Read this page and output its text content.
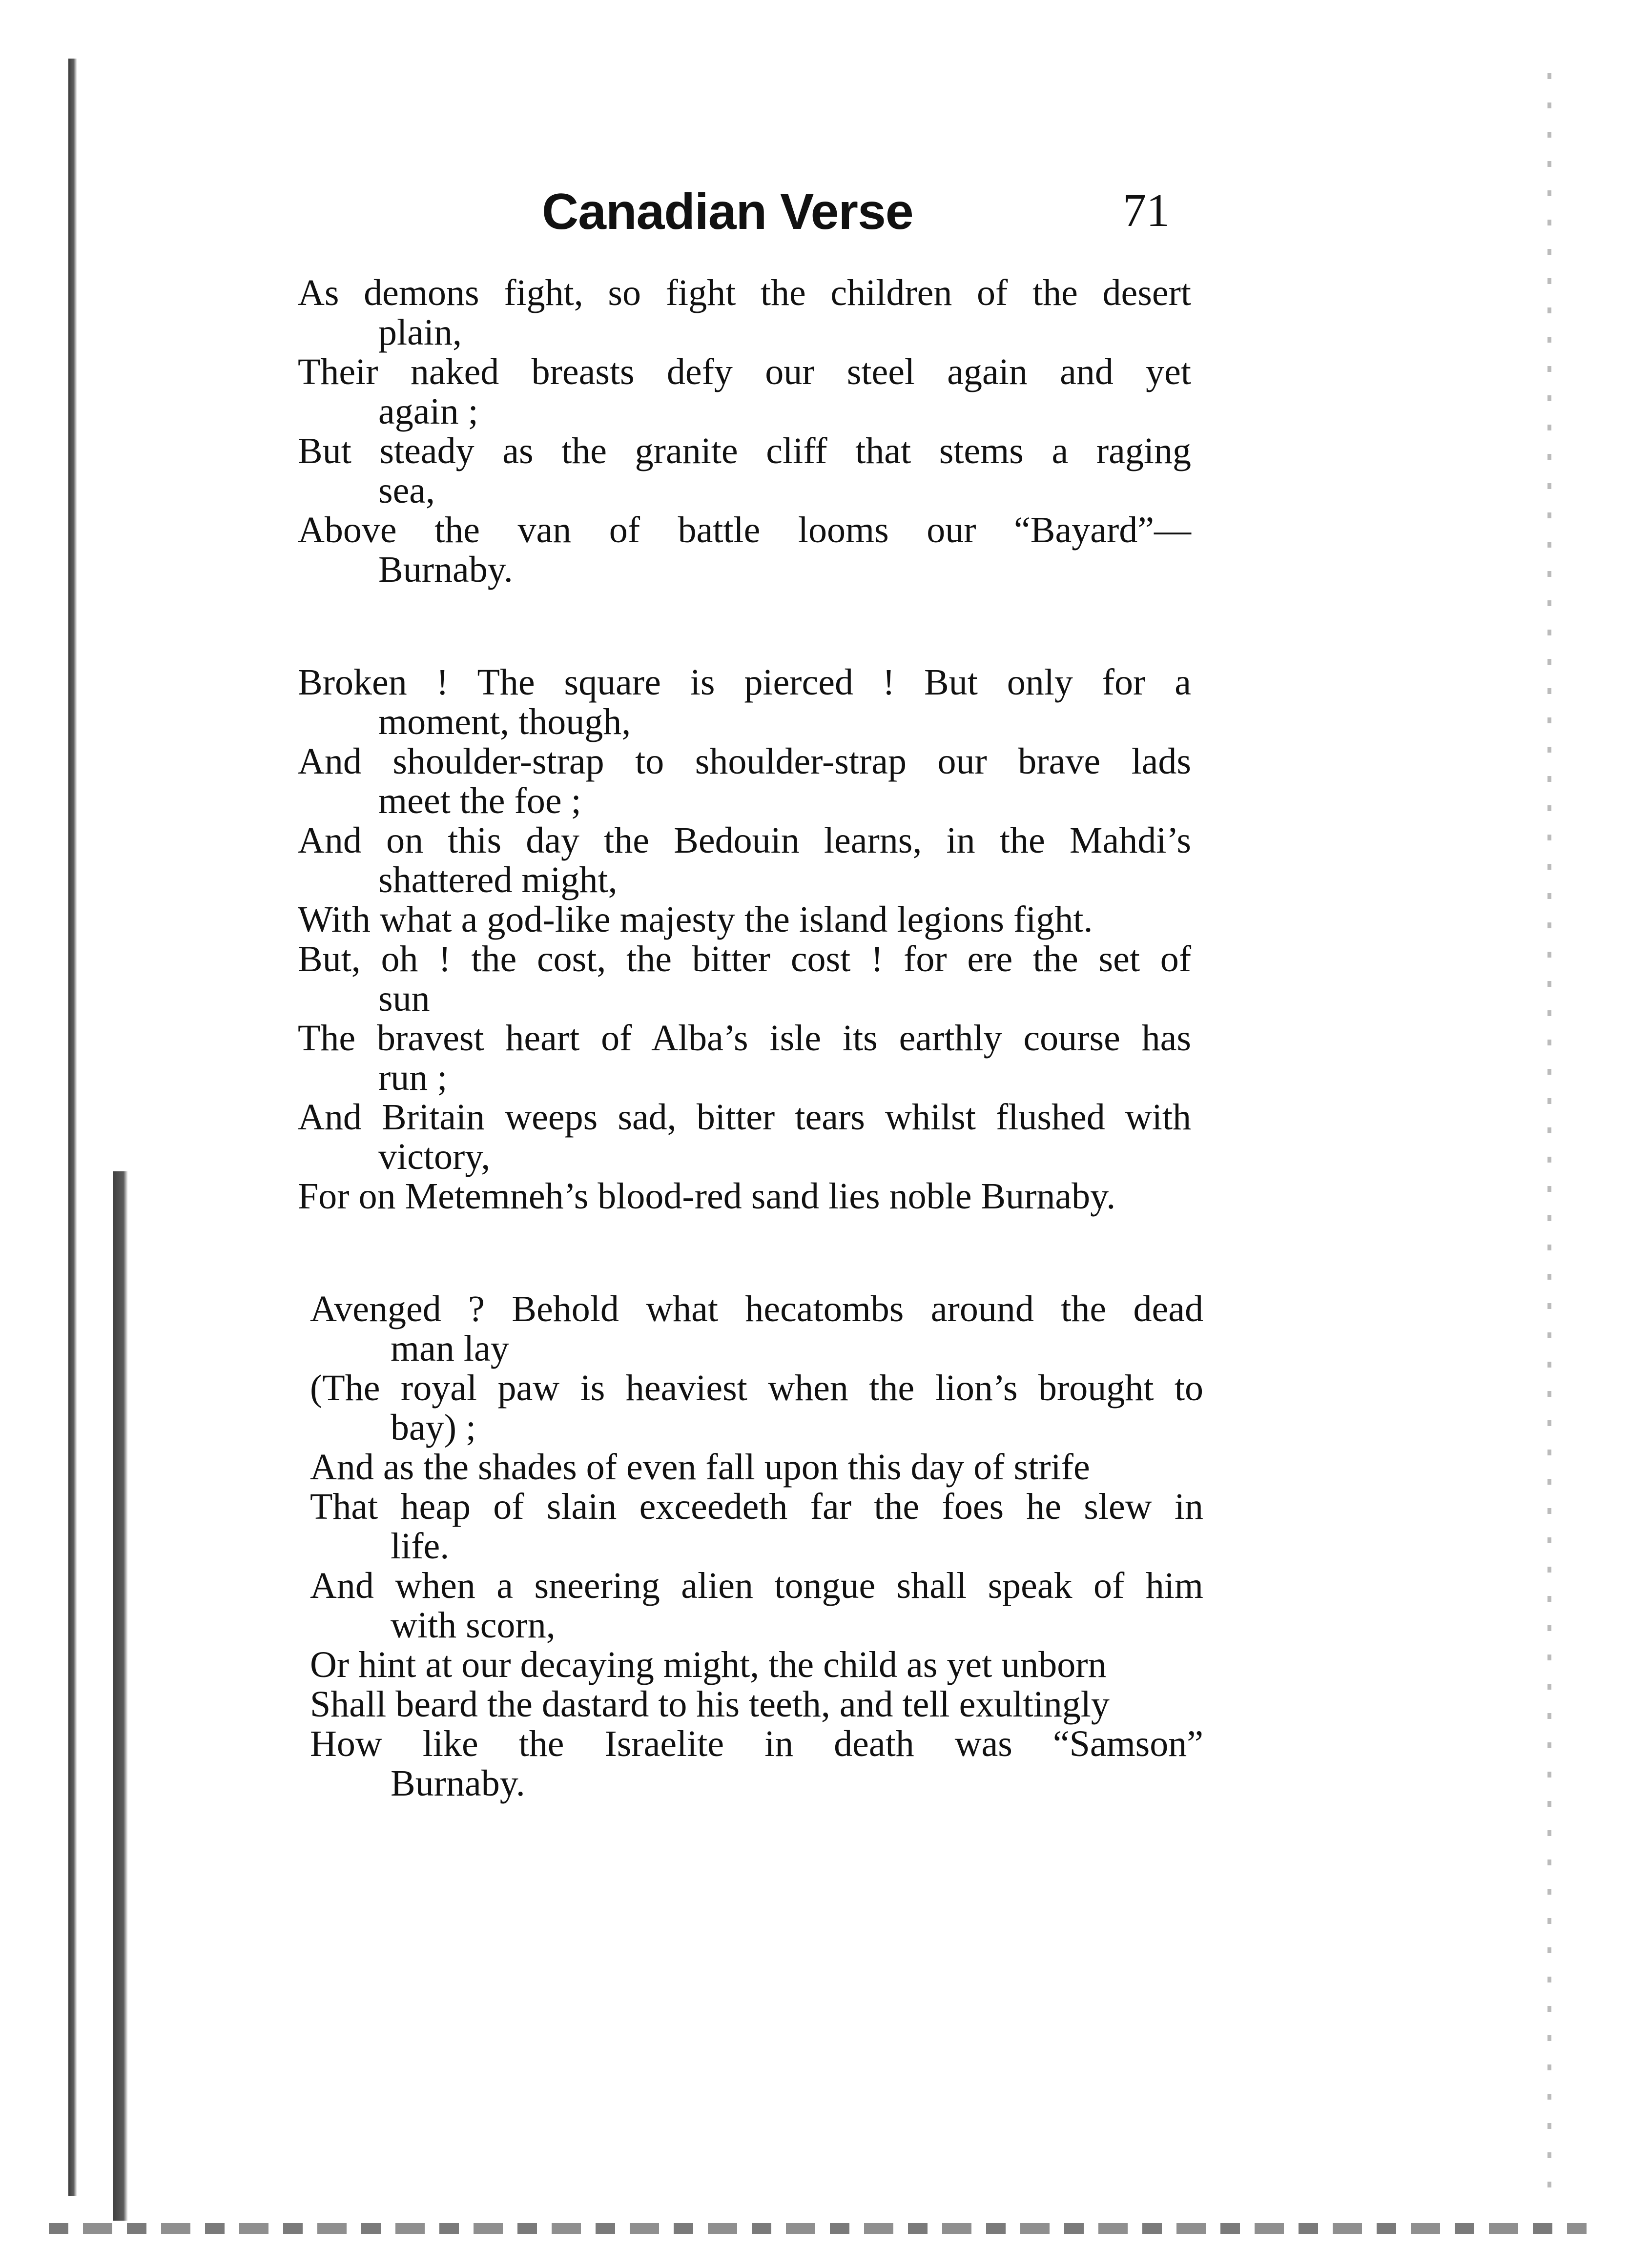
Canadian Verse	71
As demons fight, so fight the children of the desert
plain,
Their naked breasts defy our steel again and yet
again ;
But steady as the granite cliff that stems a raging
sea,
Above the van of battle looms our “Bayard”—
Burnaby.
Broken ! The square is pierced ! But only for a
moment, though,
And shoulder-strap to shoulder-strap our brave lads
meet the foe ;
And on this day the Bedouin learns, in the Mahdi’s
shattered might,
With what a god-like majesty the island legions fight.
But, oh ! the cost, the bitter cost ! for ere the set of
sun
The bravest heart of Alba’s isle its earthly course has
run ;
And Britain weeps sad, bitter tears whilst flushed with
victory,
For on Metemneh’s blood-red sand lies noble Burnaby.
Avenged ? Behold what hecatombs around the dead
man lay
(The royal paw is heaviest when the lion’s brought to
bay) ;
And as the shades of even fall upon this day of strife
That heap of slain exceedeth far the foes he slew in
life.
And when a sneering alien tongue shall speak of him
with scorn,
Or hint at our decaying might, the child as yet unborn
Shall beard the dastard to his teeth, and tell exultingly
How like the Israelite in death was “Samson”
Burnaby.
